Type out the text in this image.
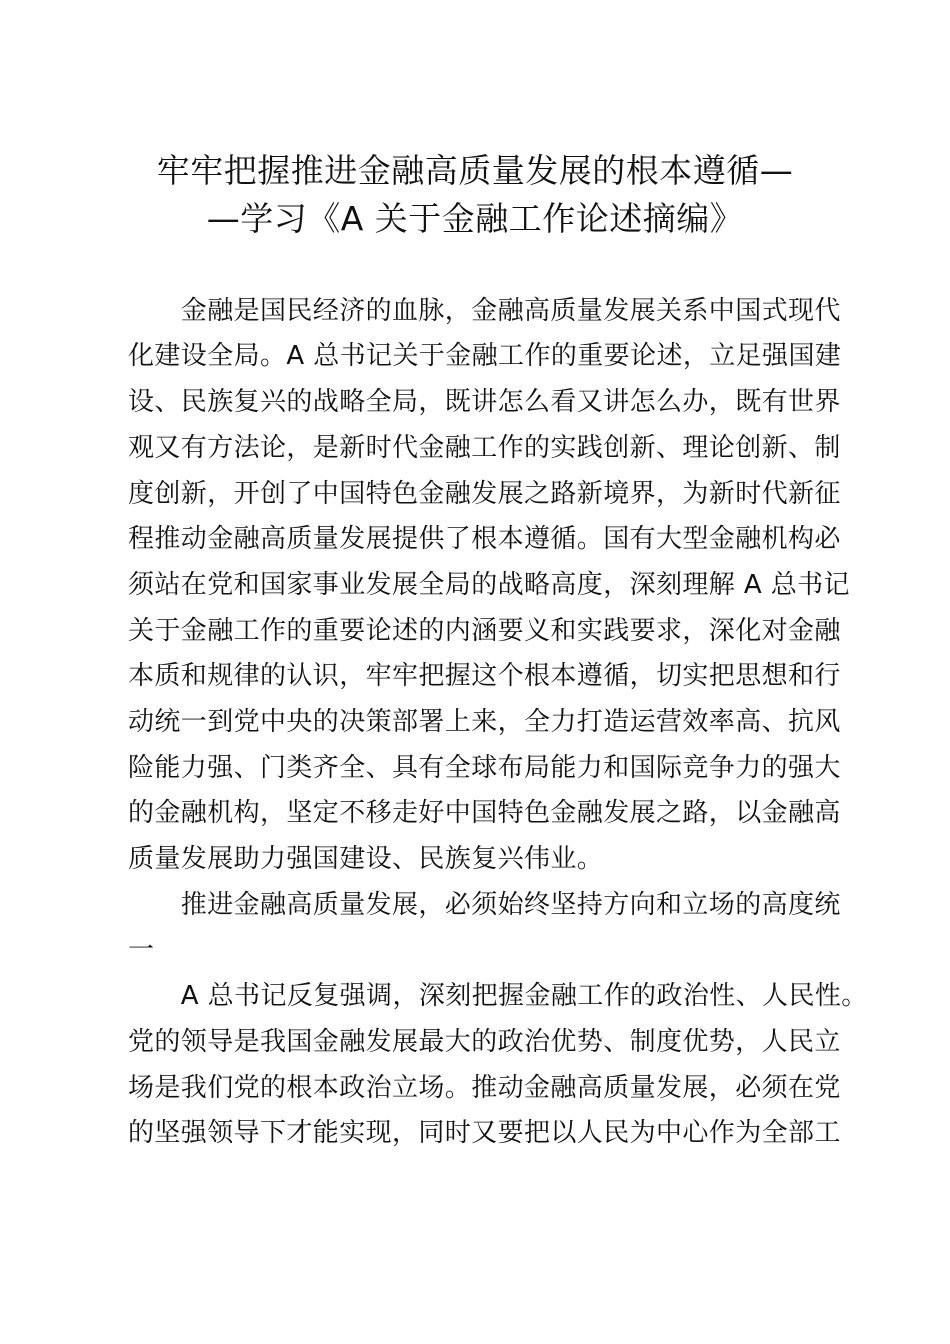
牢牢把握推进金融高质量发展的根本遵循—
—学习《A 关于金融工作论述摘编》
　　金融是国民经济的血脉，金融高质量发展关系中国式现代
化建设全局。A 总书记关于金融工作的重要论述，立足强国建
设、民族复兴的战略全局，既讲怎么看又讲怎么办，既有世界
观又有方法论，是新时代金融工作的实践创新、理论创新、制
度创新，开创了中国特色金融发展之路新境界，为新时代新征
程推动金融高质量发展提供了根本遵循。国有大型金融机构必
须站在党和国家事业发展全局的战略高度，深刻理解 A 总书记
关于金融工作的重要论述的内涵要义和实践要求，深化对金融
本质和规律的认识，牢牢把握这个根本遵循，切实把思想和行
动统一到党中央的决策部署上来，全力打造运营效率高、抗风
险能力强、门类齐全、具有全球布局能力和国际竞争力的强大
的金融机构，坚定不移走好中国特色金融发展之路，以金融高
质量发展助力强国建设、民族复兴伟业。
　　推进金融高质量发展，必须始终坚持方向和立场的高度统
一
　　A 总书记反复强调，深刻把握金融工作的政治性、人民性。
党的领导是我国金融发展最大的政治优势、制度优势，人民立
场是我们党的根本政治立场。推动金融高质量发展，必须在党
的坚强领导下才能实现，同时又要把以人民为中心作为全部工
